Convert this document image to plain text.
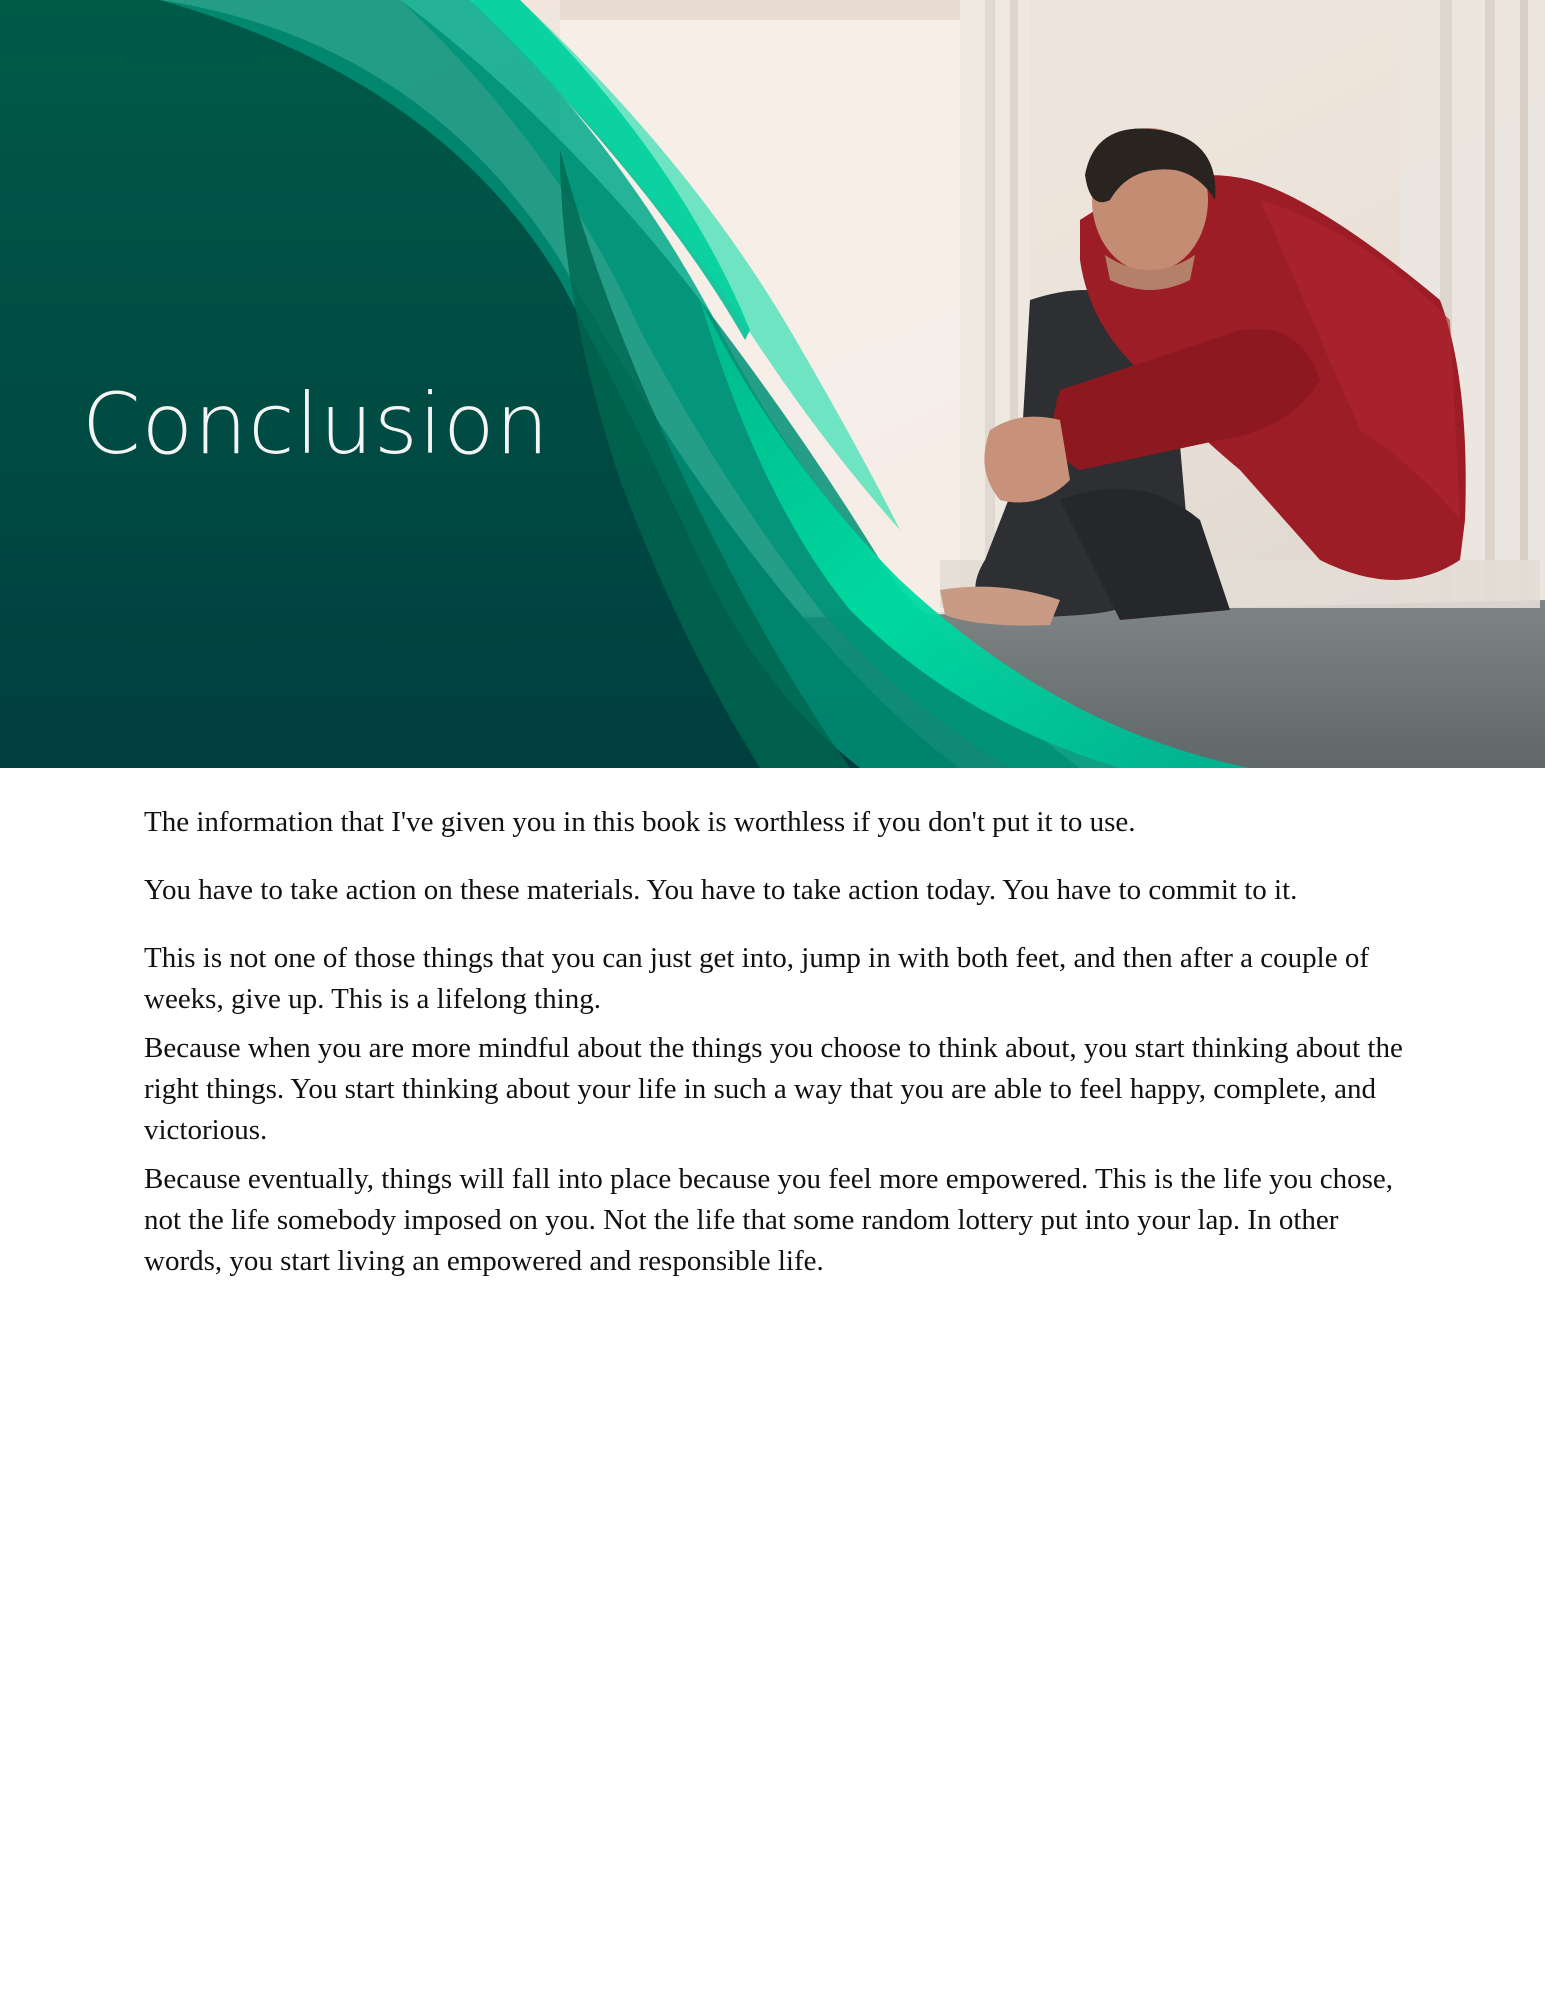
Conclusion

The information that I've given you in this book is worthless if you don't put it to use.

You have to take action on these materials. You have to take action today. You have to commit to it.

This is not one of those things that you can just get into, jump in with both feet, and then after a couple of weeks, give up. This is a lifelong thing.

Because when you are more mindful about the things you choose to think about, you start thinking about the right things. You start thinking about your life in such a way that you are able to feel happy, complete, and victorious.

Because eventually, things will fall into place because you feel more empowered. This is the life you chose, not the life somebody imposed on you. Not the life that some random lottery put into your lap. In other words, you start living an empowered and responsible life.
